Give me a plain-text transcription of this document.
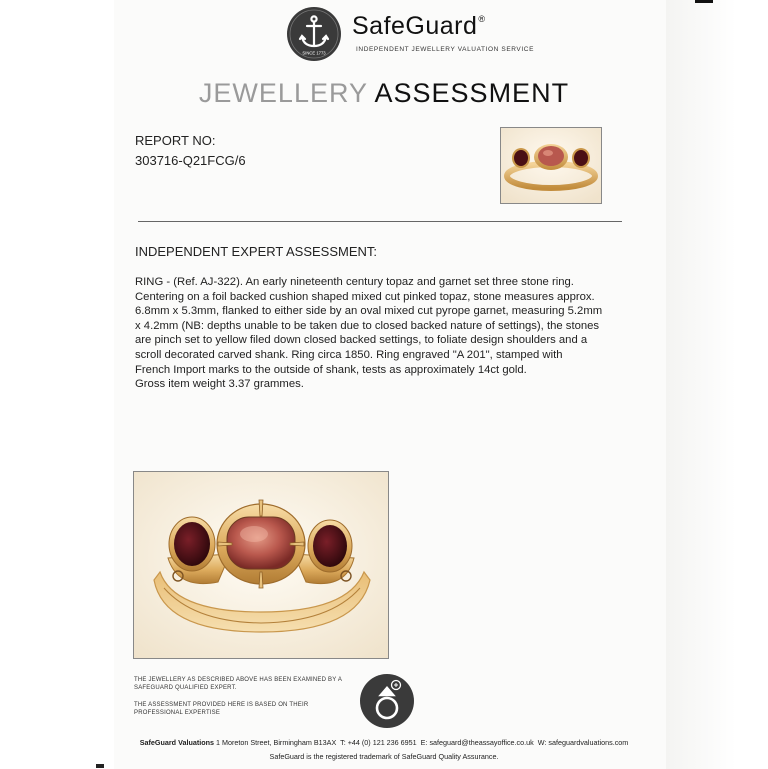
SINCE 1773
SafeGuard®
INDEPENDENT JEWELLERY VALUATION SERVICE
JEWELLERY ASSESSMENT
REPORT NO:
303716-Q21FCG/6
INDEPENDENT EXPERT ASSESSMENT:

RING - (Ref. AJ-322). An early nineteenth century topaz and garnet set three stone ring.

Centering on a foil backed cushion shaped mixed cut pinked topaz, stone measures approx.

6.8mm x 5.3mm, flanked to either side by an oval mixed cut pyrope garnet, measuring 5.2mm

x 4.2mm (NB: depths unable to be taken due to closed backed nature of settings), the stones

are pinch set to yellow filed down closed backed settings, to foliate design shoulders and a

scroll decorated carved shank. Ring circa 1850. Ring engraved "A 201", stamped with

French Import marks to the outside of shank, tests as approximately 14ct gold.

Gross item weight 3.37 grammes.

THE JEWELLERY AS DESCRIBED ABOVE HAS BEEN EXAMINED BY A SAFEGUARD QUALIFIED EXPERT.
THE ASSESSMENT PROVIDED HERE IS BASED ON THEIR PROFESSIONAL EXPERTISE
SafeGuard Valuations 1 Moreton Street, Birmingham B13AX T: +44 (0) 121 236 6951 E: safeguard@theassayoffice.co.uk W: safeguardvaluations.com
SafeGuard is the registered trademark of SafeGuard Quality Assurance.
